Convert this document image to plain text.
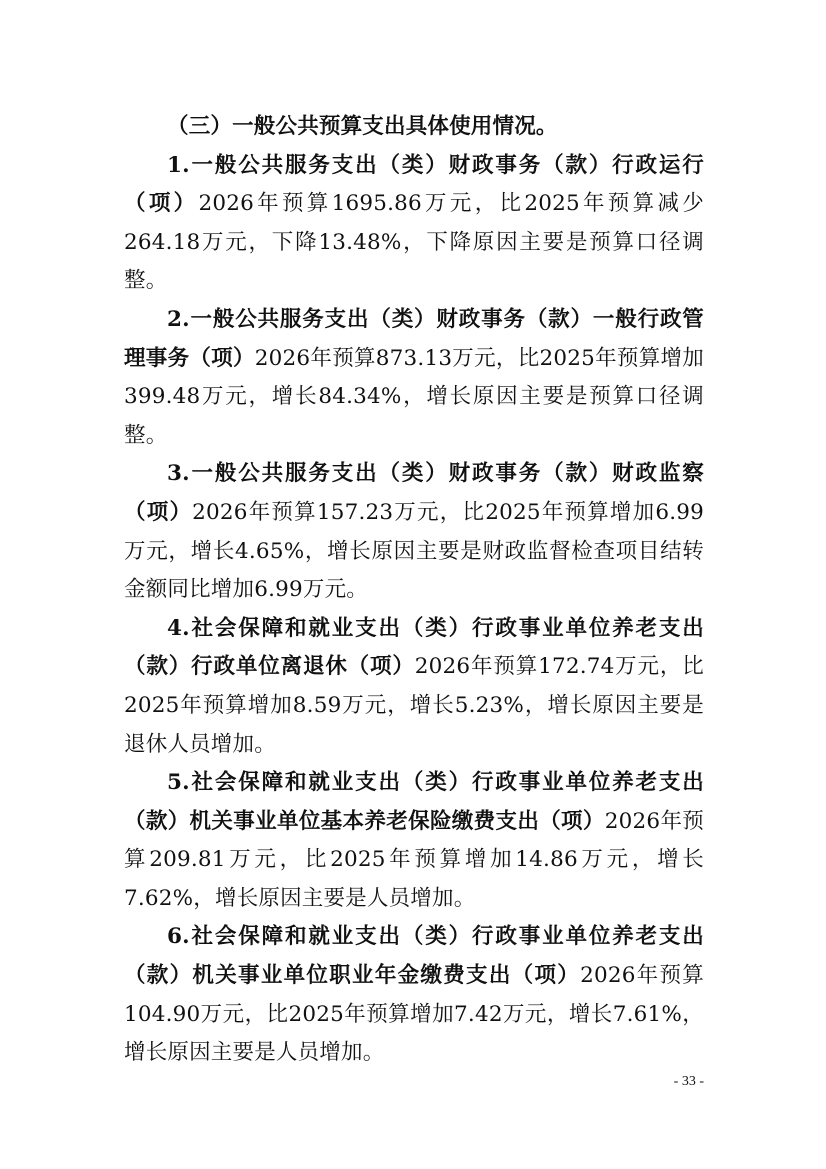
（三）一般公共预算支出具体使用情况。

1.一般公共服务支出（类）财政事务（款）行政运行（项）2026年预算1695.86万元，比2025年预算减少264.18万元，下降13.48%，下降原因主要是预算口径调整。

2.一般公共服务支出（类）财政事务（款）一般行政管理事务（项）2026年预算873.13万元，比2025年预算增加399.48万元，增长84.34%，增长原因主要是预算口径调整。

3.一般公共服务支出（类）财政事务（款）财政监察（项）2026年预算157.23万元，比2025年预算增加6.99万元，增长4.65%，增长原因主要是财政监督检查项目结转金额同比增加6.99万元。

4.社会保障和就业支出（类）行政事业单位养老支出（款）行政单位离退休（项）2026年预算172.74万元，比2025年预算增加8.59万元，增长5.23%，增长原因主要是退休人员增加。

5.社会保障和就业支出（类）行政事业单位养老支出（款）机关事业单位基本养老保险缴费支出（项）2026年预算209.81万元，比2025年预算增加14.86万元，增长7.62%，增长原因主要是人员增加。

6.社会保障和就业支出（类）行政事业单位养老支出（款）机关事业单位职业年金缴费支出（项）2026年预算104.90万元，比2025年预算增加7.42万元，增长7.61%，增长原因主要是人员增加。

- 33 -
